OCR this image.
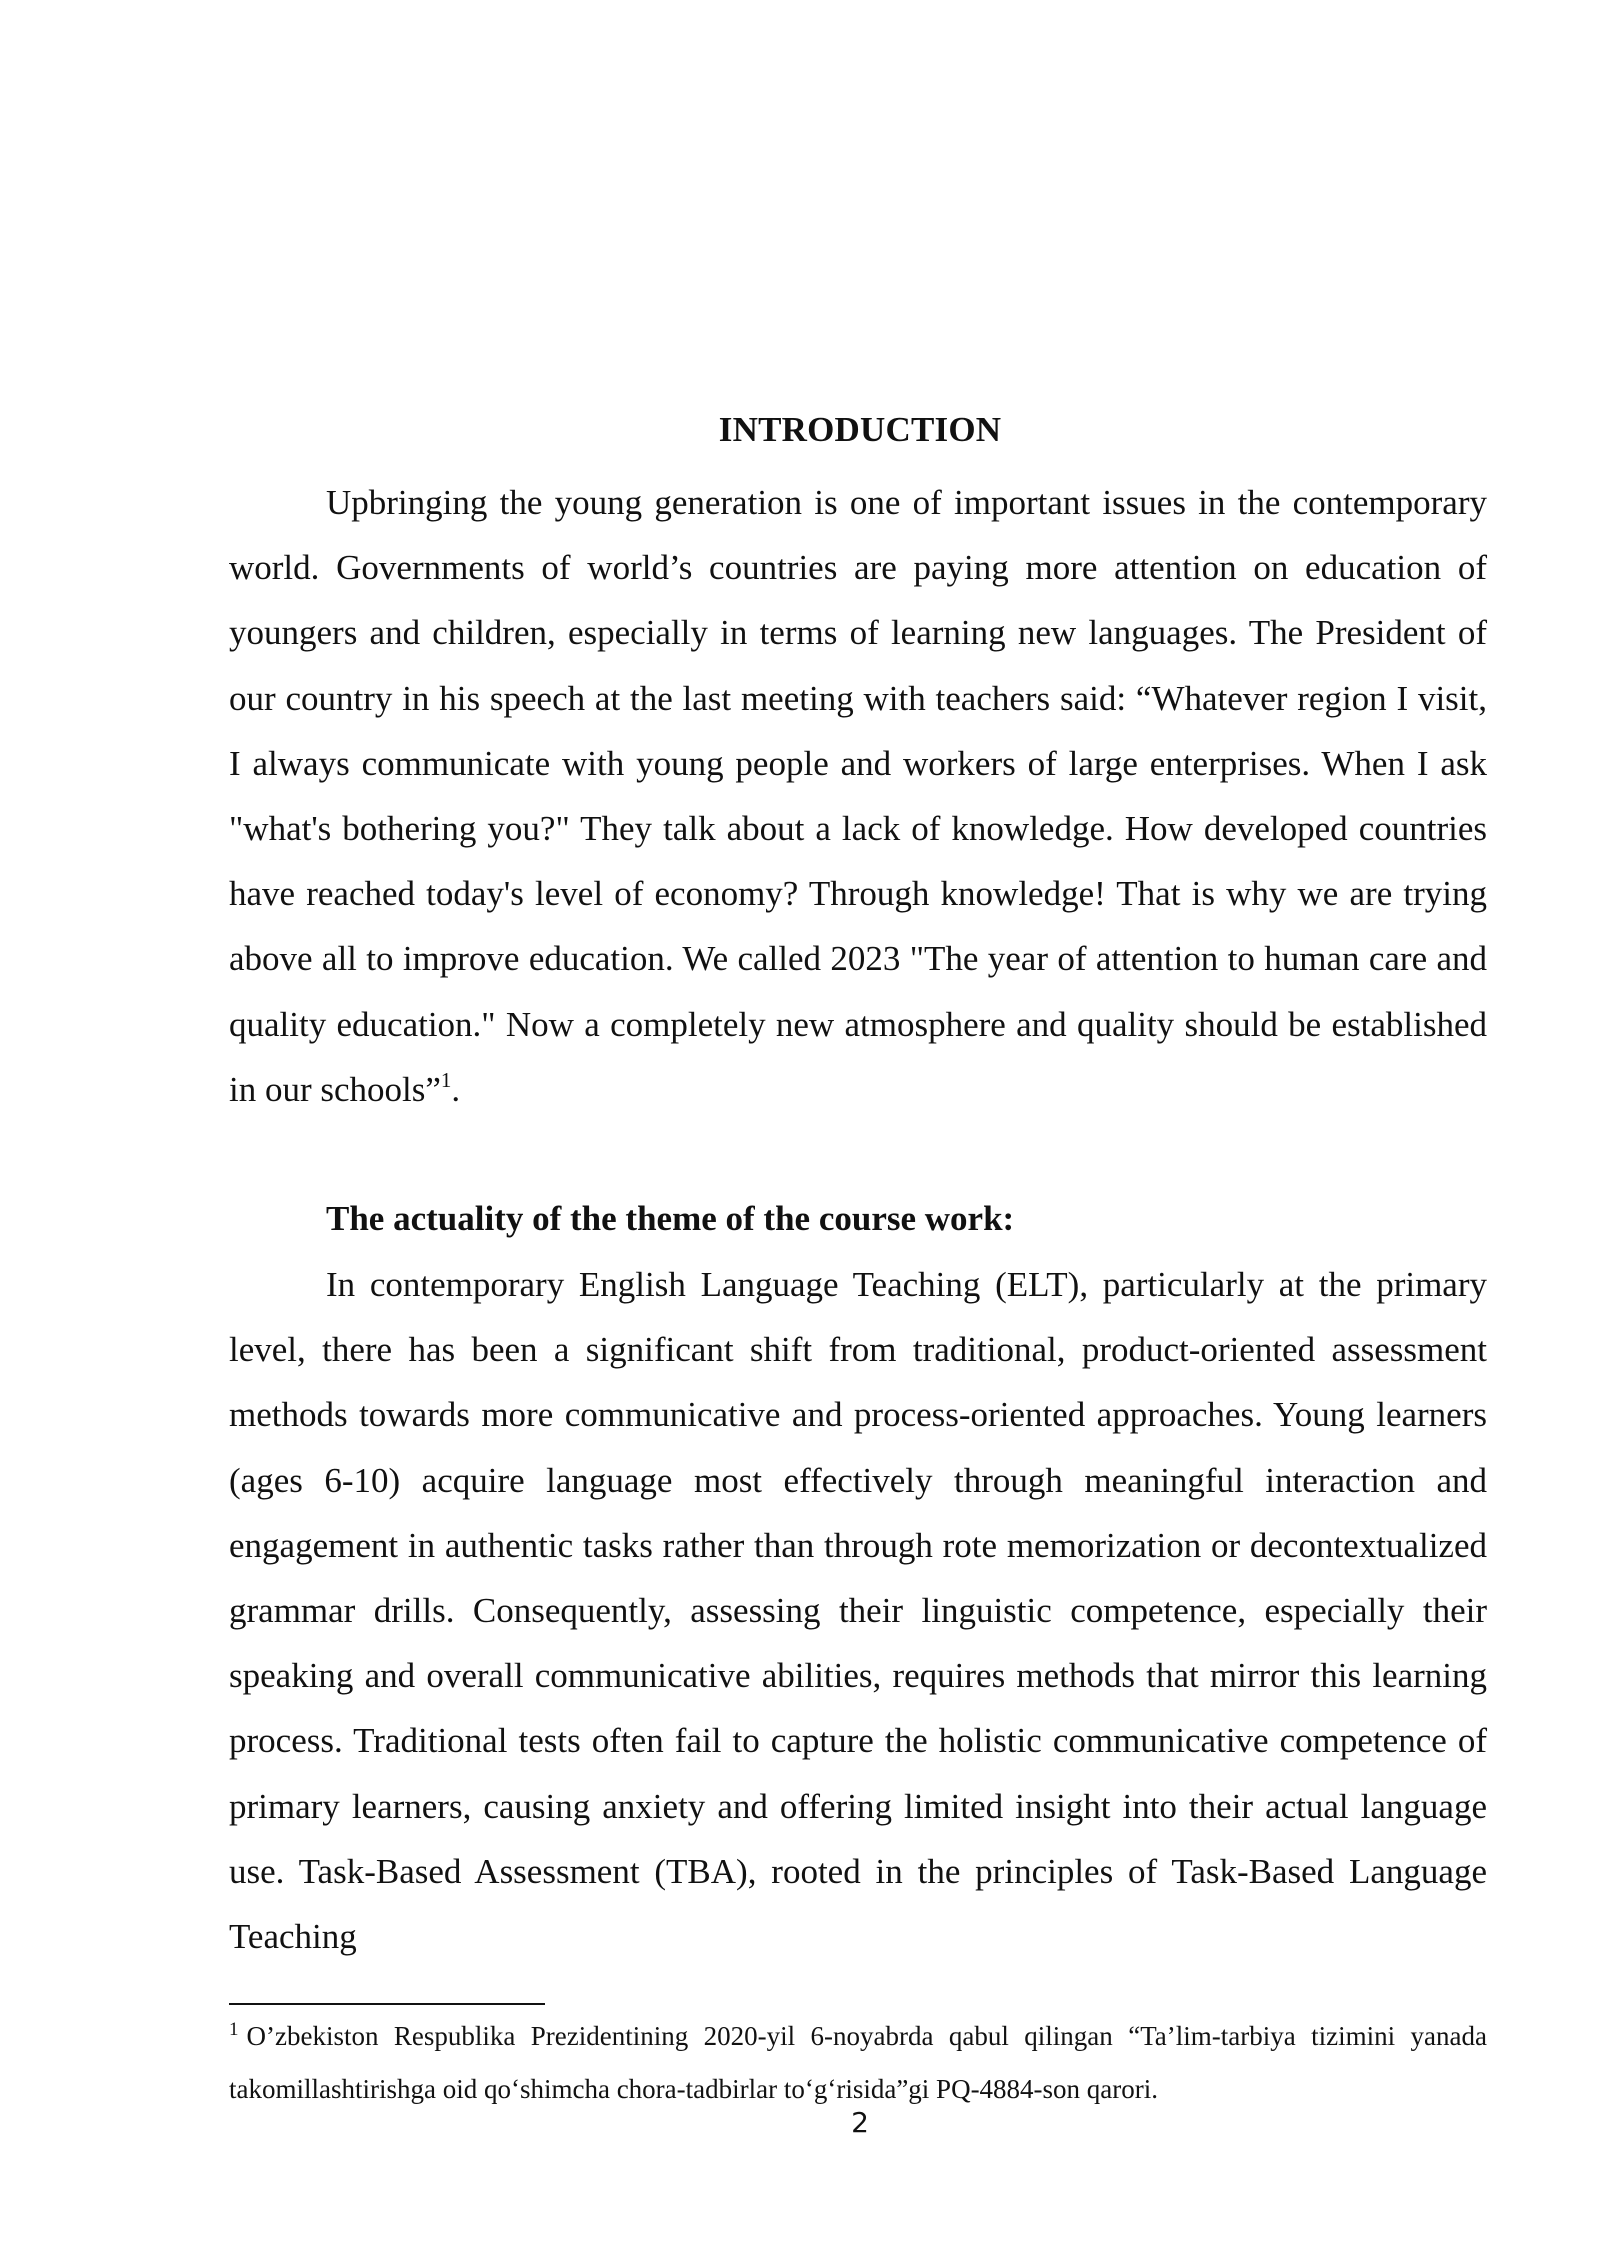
INTRODUCTION

Upbringing the young generation is one of important issues in the contemporary world. Governments of world’s countries are paying more attention on education of youngers and children, especially in terms of learning new languages. The President of our country in his speech at the last meeting with teachers said: “Whatever region I visit, I always communicate with young people and workers of large enterprises. When I ask "what's bothering you?" They talk about a lack of knowledge. How developed countries have reached today's level of economy? Through knowledge! That is why we are trying above all to improve education. We called 2023 "The year of attention to human care and quality education." Now a completely new atmosphere and quality should be established in our schools”$^1$.

The actuality of the theme of the course work:

In contemporary English Language Teaching (ELT), particularly at the primary level, there has been a significant shift from traditional, product-oriented assessment methods towards more communicative and process-oriented approaches. Young learners (ages 6-10) acquire language most effectively through meaningful interaction and engagement in authentic tasks rather than through rote memorization or decontextualized grammar drills. Consequently, assessing their linguistic competence, especially their speaking and overall communicative abilities, requires methods that mirror this learning process. Traditional tests often fail to capture the holistic communicative competence of primary learners, causing anxiety and offering limited insight into their actual language use. Task-Based Assessment (TBA), rooted in the principles of Task-Based Language Teaching

$^1$ O’zbekiston Respublika Prezidentining 2020-yil 6-noyabrda qabul qilingan “Ta’lim-tarbiya tizimini yanada takomillashtirishga oid qo‘shimcha chora-tadbirlar to‘g‘risida”gi PQ-4884-son qarori.

2
